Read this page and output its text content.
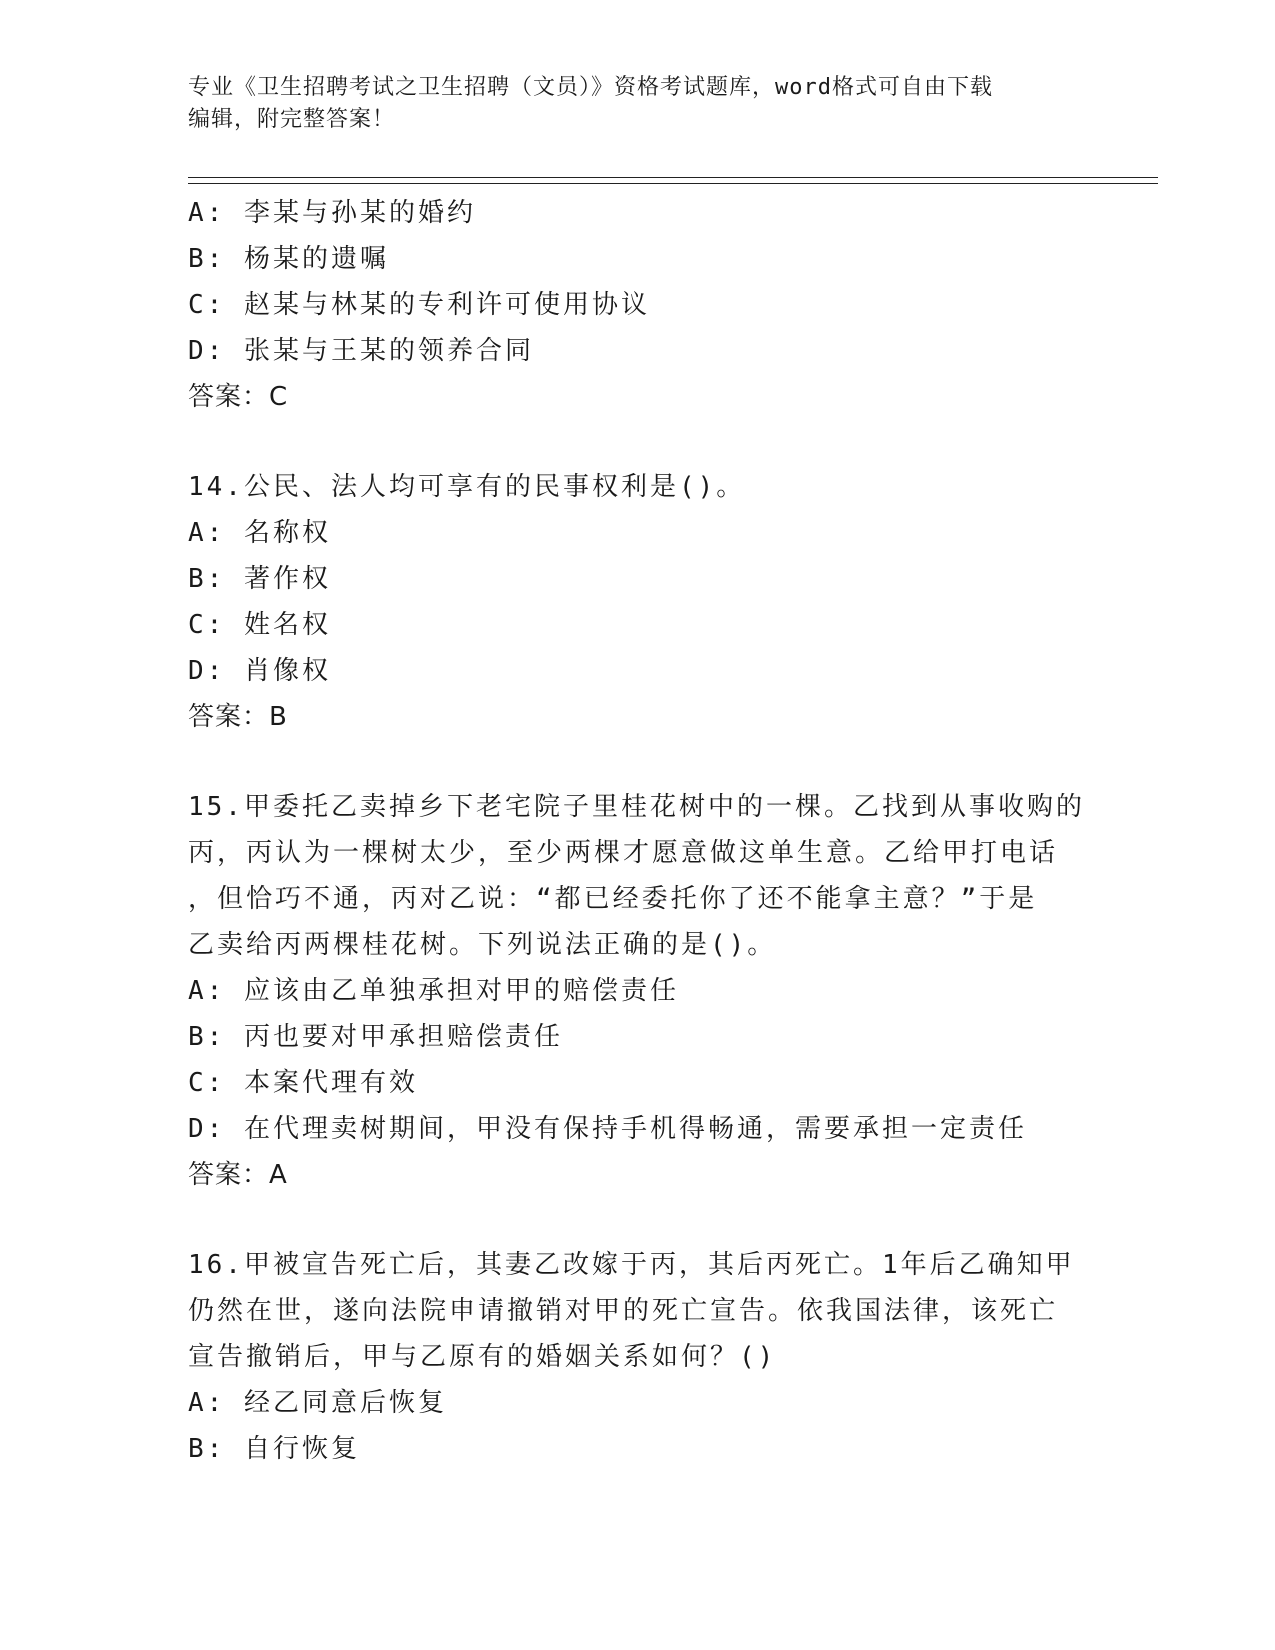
专业《卫生招聘考试之卫生招聘（文员）》资格考试题库，word格式可自由下载
编辑，附完整答案！
A: 李某与孙某的婚约
B: 杨某的遗嘱
C: 赵某与林某的专利许可使用协议
D: 张某与王某的领养合同
答案：C
14.公民、法人均可享有的民事权利是()。
A: 名称权
B: 著作权
C: 姓名权
D: 肖像权
答案：B
15.甲委托乙卖掉乡下老宅院子里桂花树中的一棵。乙找到从事收购的
丙，丙认为一棵树太少，至少两棵才愿意做这单生意。乙给甲打电话
，但恰巧不通，丙对乙说：“都已经委托你了还不能拿主意？”于是
乙卖给丙两棵桂花树。下列说法正确的是()。
A: 应该由乙单独承担对甲的赔偿责任
B: 丙也要对甲承担赔偿责任
C: 本案代理有效
D: 在代理卖树期间，甲没有保持手机得畅通，需要承担一定责任
答案：A
16.甲被宣告死亡后，其妻乙改嫁于丙，其后丙死亡。1年后乙确知甲
仍然在世，遂向法院申请撤销对甲的死亡宣告。依我国法律，该死亡
宣告撤销后，甲与乙原有的婚姻关系如何？()
A: 经乙同意后恢复
B: 自行恢复
